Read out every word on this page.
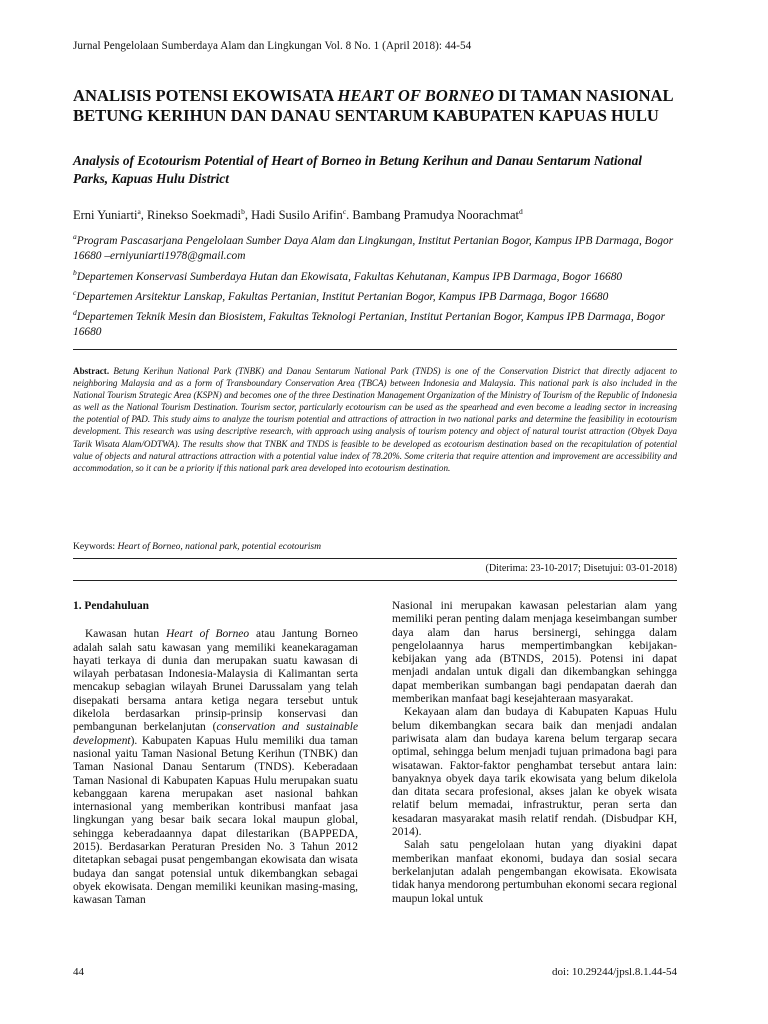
Jurnal Pengelolaan Sumberdaya Alam dan Lingkungan Vol. 8 No. 1 (April 2018): 44-54
ANALISIS POTENSI EKOWISATA HEART OF BORNEO DI TAMAN NASIONAL BETUNG KERIHUN DAN DANAU SENTARUM KABUPATEN KAPUAS HULU

Analysis of Ecotourism Potential of Heart of Borneo in Betung Kerihun and Danau Sentarum National Parks, Kapuas Hulu District

Erni Yuniarti$^a$, Rinekso Soekmadi$^b$, Hadi Susilo Arifin$^c$. Bambang Pramudya Noorachmat$^d$
$^a$Program Pascasarjana Pengelolaan Sumber Daya Alam dan Lingkungan, Institut Pertanian Bogor, Kampus IPB Darmaga, Bogor 16680 –erniyuniarti1978@gmail.com
$^b$Departemen Konservasi Sumberdaya Hutan dan Ekowisata, Fakultas Kehutanan, Kampus IPB Darmaga, Bogor 16680
$^c$Departemen Arsitektur Lanskap, Fakultas Pertanian, Institut Pertanian Bogor, Kampus IPB Darmaga, Bogor 16680
$^d$Departemen Teknik Mesin dan Biosistem, Fakultas Teknologi Pertanian, Institut Pertanian Bogor, Kampus IPB Darmaga, Bogor 16680
Abstract. Betung Kerihun National Park (TNBK) and Danau Sentarum National Park (TNDS) is one of the Conservation District that directly adjacent to neighboring Malaysia and as a form of Transboundary Conservation Area (TBCA) between Indonesia and Malaysia. This national park is also included in the National Tourism Strategic Area (KSPN) and becomes one of the three Destination Management Organization of the Ministry of Tourism of the Republic of Indonesia as well as the National Tourism Destination. Tourism sector, particularly ecotourism can be used as the spearhead and even become a leading sector in increasing the potential of PAD. This study aims to analyze the tourism potential and attractions of attraction in two national parks and determine the feasibility in ecotourism development. This research was using descriptive research, with approach using analysis of tourism potency and object of natural tourist attraction (Obyek Daya Tarik Wisata Alam/ODTWA). The results show that TNBK and TNDS is feasible to be developed as ecotourism destination based on the recapitulation of potential value of objects and natural attractions attraction with a potential value index of 78.20%. Some criteria that require attention and improvement are accessibility and accommodation, so it can be a priority if this national park area developed into ecotourism destination.
Keywords: Heart of Borneo, national park, potential ecotourism
(Diterima: 23-10-2017; Disetujui: 03-01-2018)

1. Pendahuluan

Kawasan hutan Heart of Borneo atau Jantung Borneo adalah salah satu kawasan yang memiliki keanekaragaman hayati terkaya di dunia dan merupakan suatu kawasan di wilayah perbatasan Indonesia-Malaysia di Kalimantan serta mencakup sebagian wilayah Brunei Darussalam yang telah disepakati bersama antara ketiga negara tersebut untuk dikelola berdasarkan prinsip-prinsip konservasi dan pembangunan berkelanjutan (conservation and sustainable development). Kabupaten Kapuas Hulu memiliki dua taman nasional yaitu Taman Nasional Betung Kerihun (TNBK) dan Taman Nasional Danau Sentarum (TNDS). Keberadaan Taman Nasional di Kabupaten Kapuas Hulu merupakan suatu kebanggaan karena merupakan aset nasional bahkan internasional yang memberikan kontribusi manfaat jasa lingkungan yang besar baik secara lokal maupun global, sehingga keberadaannya dapat dilestarikan (BAPPEDA, 2015). Berdasarkan Peraturan Presiden No. 3 Tahun 2012 ditetapkan sebagai pusat pengembangan ekowisata dan wisata budaya dan sangat potensial untuk dikembangkan sebagai obyek ekowisata. Dengan memiliki keunikan masing-masing, kawasan Taman

Nasional ini merupakan kawasan pelestarian alam yang memiliki peran penting dalam menjaga keseimbangan sumber daya alam dan harus bersinergi, sehingga dalam pengelolaannya harus mempertimbangkan kebijakan-kebijakan yang ada (BTNDS, 2015). Potensi ini dapat menjadi andalan untuk digali dan dikembangkan sehingga dapat memberikan sumbangan bagi pendapatan daerah dan memberikan manfaat bagi kesejahteraan masyarakat.

Kekayaan alam dan budaya di Kabupaten Kapuas Hulu belum dikembangkan secara baik dan menjadi andalan pariwisata alam dan budaya karena belum tergarap secara optimal, sehingga belum menjadi tujuan primadona bagi para wisatawan. Faktor-faktor penghambat tersebut antara lain: banyaknya obyek daya tarik ekowisata yang belum dikelola dan ditata secara profesional, akses jalan ke obyek wisata relatif belum memadai, infrastruktur, peran serta dan kesadaran masyarakat masih relatif rendah. (Disbudpar KH, 2014).

Salah satu pengelolaan hutan yang diyakini dapat memberikan manfaat ekonomi, budaya dan sosial secara berkelanjutan adalah pengembangan ekowisata. Ekowisata tidak hanya mendorong pertumbuhan ekonomi secara regional maupun lokal untuk

44	doi: 10.29244/jpsl.8.1.44-54
